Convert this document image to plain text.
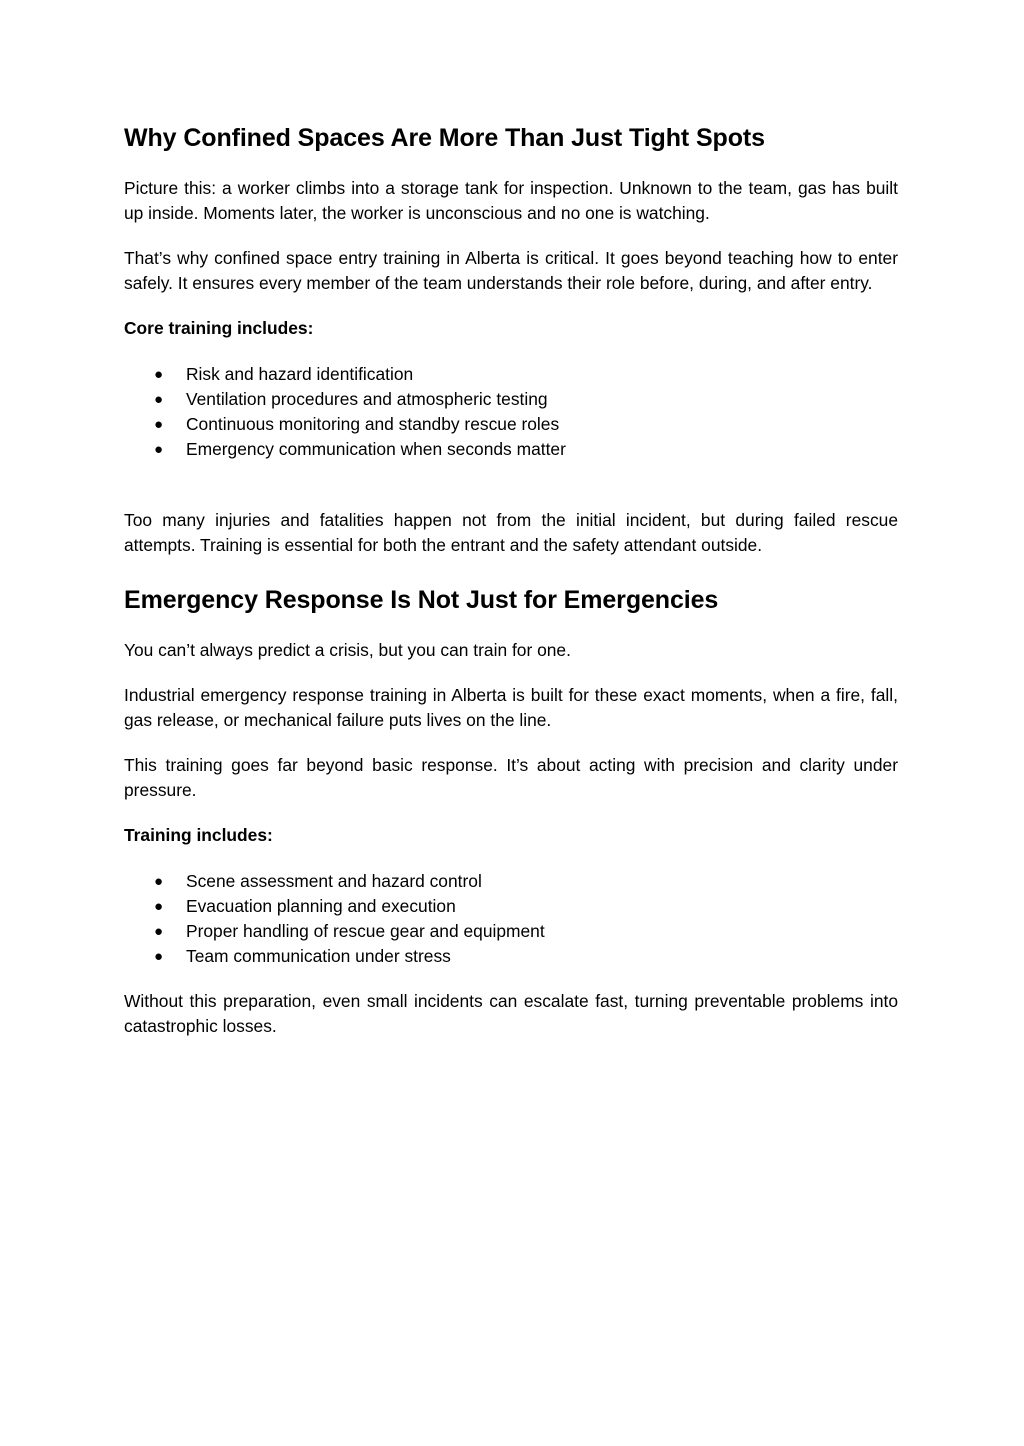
Why Confined Spaces Are More Than Just Tight Spots

Picture this: a worker climbs into a storage tank for inspection. Unknown to the team, gas has built up inside. Moments later, the worker is unconscious and no one is watching.

That’s why confined space entry training in Alberta is critical. It goes beyond teaching how to enter safely. It ensures every member of the team understands their role before, during, and after entry.

Core training includes:

● Risk and hazard identification
● Ventilation procedures and atmospheric testing
● Continuous monitoring and standby rescue roles
● Emergency communication when seconds matter

Too many injuries and fatalities happen not from the initial incident, but during failed rescue attempts. Training is essential for both the entrant and the safety attendant outside.

Emergency Response Is Not Just for Emergencies

You can’t always predict a crisis, but you can train for one.

Industrial emergency response training in Alberta is built for these exact moments, when a fire, fall, gas release, or mechanical failure puts lives on the line.

This training goes far beyond basic response. It’s about acting with precision and clarity under pressure.

Training includes:

● Scene assessment and hazard control
● Evacuation planning and execution
● Proper handling of rescue gear and equipment
● Team communication under stress

Without this preparation, even small incidents can escalate fast, turning preventable problems into catastrophic losses.
